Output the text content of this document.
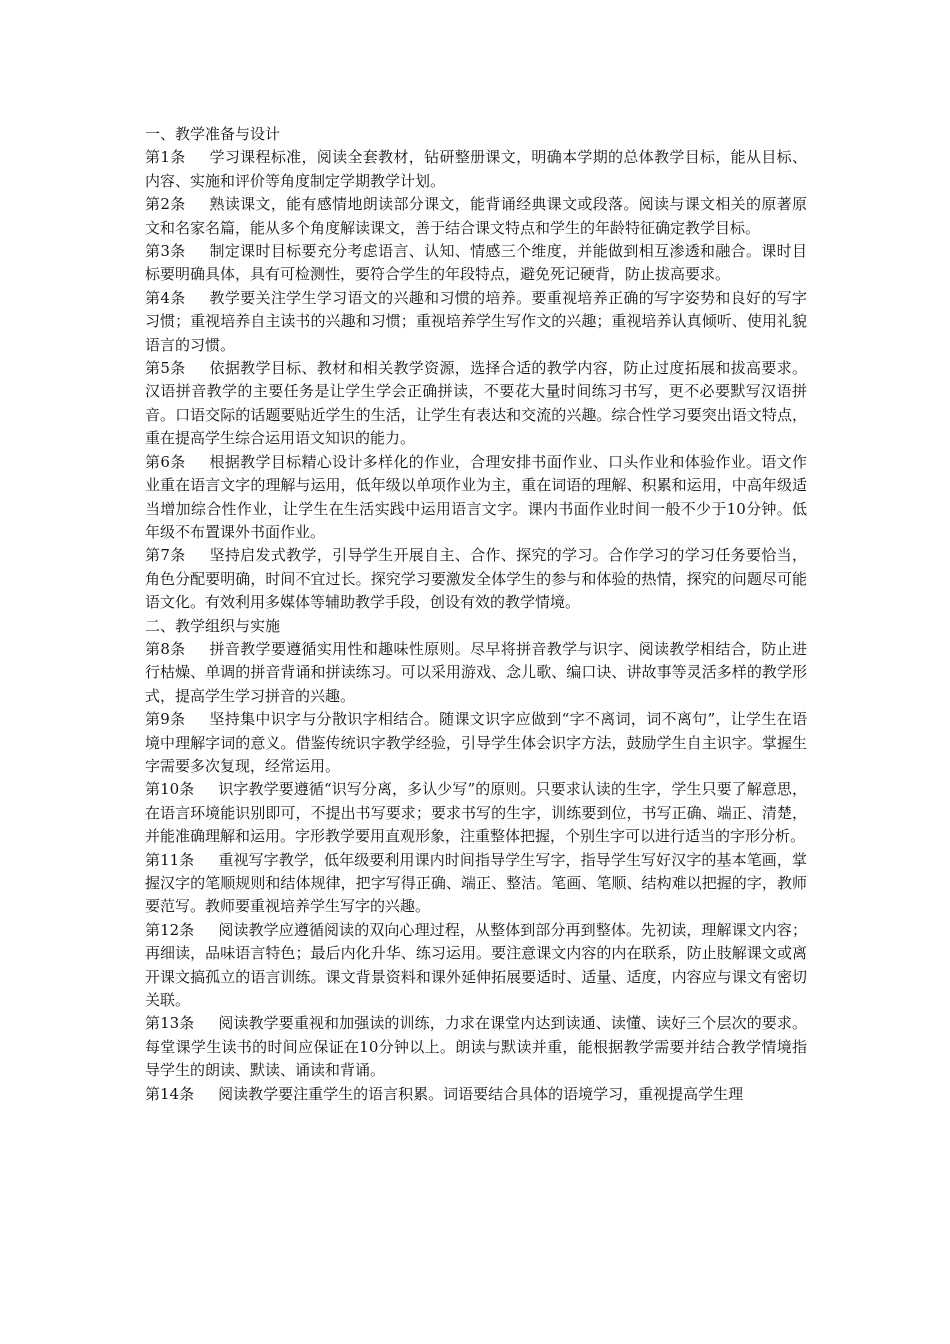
一、教学准备与设计

第1条 学习课程标准，阅读全套教材，钻研整册课文，明确本学期的总体教学目标，能从目标、内容、实施和评价等角度制定学期教学计划。

第2条 熟读课文，能有感情地朗读部分课文，能背诵经典课文或段落。阅读与课文相关的原著原文和名家名篇，能从多个角度解读课文，善于结合课文特点和学生的年龄特征确定教学目标。

第3条 制定课时目标要充分考虑语言、认知、情感三个维度，并能做到相互渗透和融合。课时目标要明确具体，具有可检测性，要符合学生的年段特点，避免死记硬背，防止拔高要求。

第4条 教学要关注学生学习语文的兴趣和习惯的培养。要重视培养正确的写字姿势和良好的写字习惯；重视培养自主读书的兴趣和习惯；重视培养学生写作文的兴趣；重视培养认真倾听、使用礼貌语言的习惯。

第5条 依据教学目标、教材和相关教学资源，选择合适的教学内容，防止过度拓展和拔高要求。汉语拼音教学的主要任务是让学生学会正确拼读，不要花大量时间练习书写，更不必要默写汉语拼音。口语交际的话题要贴近学生的生活，让学生有表达和交流的兴趣。综合性学习要突出语文特点，重在提高学生综合运用语文知识的能力。

第6条 根据教学目标精心设计多样化的作业，合理安排书面作业、口头作业和体验作业。语文作业重在语言文字的理解与运用，低年级以单项作业为主，重在词语的理解、积累和运用，中高年级适当增加综合性作业，让学生在生活实践中运用语言文字。课内书面作业时间一般不少于10分钟。低年级不布置课外书面作业。

第7条 坚持启发式教学，引导学生开展自主、合作、探究的学习。合作学习的学习任务要恰当，角色分配要明确，时间不宜过长。探究学习要激发全体学生的参与和体验的热情，探究的问题尽可能语文化。有效利用多媒体等辅助教学手段，创设有效的教学情境。

二、教学组织与实施

第8条 拼音教学要遵循实用性和趣味性原则。尽早将拼音教学与识字、阅读教学相结合，防止进行枯燥、单调的拼音背诵和拼读练习。可以采用游戏、念儿歌、编口诀、讲故事等灵活多样的教学形式，提高学生学习拼音的兴趣。

第9条 坚持集中识字与分散识字相结合。随课文识字应做到“字不离词，词不离句”，让学生在语境中理解字词的意义。借鉴传统识字教学经验，引导学生体会识字方法，鼓励学生自主识字。掌握生字需要多次复现，经常运用。

第10条 识字教学要遵循“识写分离，多认少写”的原则。只要求认读的生字，学生只要了解意思，在语言环境能识别即可，不提出书写要求；要求书写的生字，训练要到位，书写正确、端正、清楚，并能准确理解和运用。字形教学要用直观形象，注重整体把握，个别生字可以进行适当的字形分析。

第11条 重视写字教学，低年级要利用课内时间指导学生写字，指导学生写好汉字的基本笔画，掌握汉字的笔顺规则和结体规律，把字写得正确、端正、整洁。笔画、笔顺、结构难以把握的字，教师要范写。教师要重视培养学生写字的兴趣。

第12条 阅读教学应遵循阅读的双向心理过程，从整体到部分再到整体。先初读，理解课文内容；再细读，品味语言特色；最后内化升华、练习运用。要注意课文内容的内在联系，防止肢解课文或离开课文搞孤立的语言训练。课文背景资料和课外延伸拓展要适时、适量、适度，内容应与课文有密切关联。

第13条 阅读教学要重视和加强读的训练，力求在课堂内达到读通、读懂、读好三个层次的要求。每堂课学生读书的时间应保证在10分钟以上。朗读与默读并重，能根据教学需要并结合教学情境指导学生的朗读、默读、诵读和背诵。

第14条 阅读教学要注重学生的语言积累。词语要结合具体的语境学习，重视提高学生理
